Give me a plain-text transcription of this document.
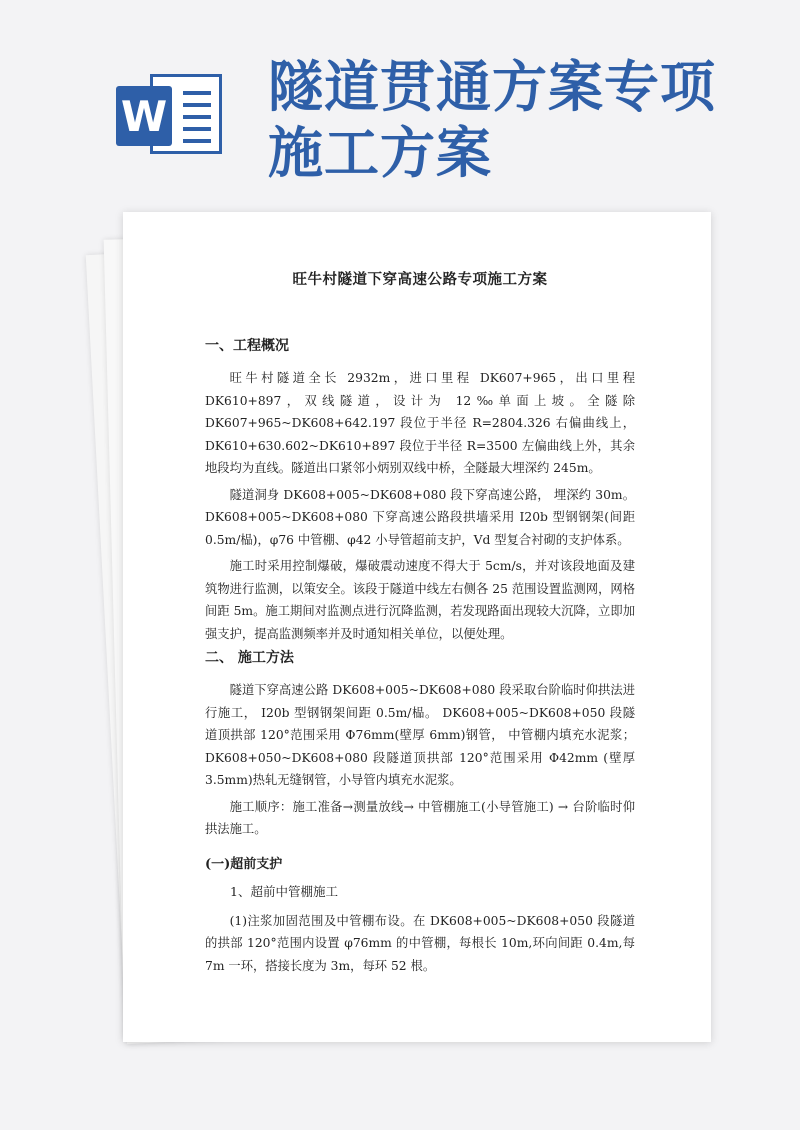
W 隧道贯通方案专项施工方案
旺牛村隧道下穿高速公路专项施工方案
一、工程概况

旺牛村隧道全长 2932m，进口里程 DK607+965，出口里程 DK610+897，双线隧道，设计为 12‰单面上坡。全隧除 DK607+965~DK608+642.197 段位于半径 R=2804.326 右偏曲线上， DK610+630.602~DK610+897 段位于半径 R=3500 左偏曲线上外，其余地段均为直线。隧道出口紧邻小炳别双线中桥，全隧最大埋深约 245m。

隧道洞身 DK608+005~DK608+080 段下穿高速公路， 埋深约 30m。DK608+005~DK608+080 下穿高速公路段拱墙采用 I20b 型钢钢架(间距 0.5m/榀)，φ76 中管棚、φ42 小导管超前支护，Ⅴd 型复合衬砌的支护体系。

施工时采用控制爆破，爆破震动速度不得大于 5cm/s，并对该段地面及建筑物进行监测，以策安全。该段于隧道中线左右侧各 25 范围设置监测网，网格间距 5m。施工期间对监测点进行沉降监测，若发现路面出现较大沉降，立即加强支护，提高监测频率并及时通知相关单位，以便处理。

二、 施工方法

隧道下穿高速公路 DK608+005~DK608+080 段采取台阶临时仰拱法进行施工， I20b 型钢钢架间距 0.5m/榀。 DK608+005~DK608+050 段隧道顶拱部 120°范围采用 Φ76mm(壁厚 6mm)钢管， 中管棚内填充水泥浆； DK608+050~DK608+080 段隧道顶拱部 120°范围采用 Φ42mm (壁厚 3.5mm)热轧无缝钢管，小导管内填充水泥浆。

施工顺序：施工准备→测量放线→ 中管棚施工(小导管施工) → 台阶临时仰拱法施工。

(一)超前支护
1、超前中管棚施工

(1)注浆加固范围及中管棚布设。在 DK608+005~DK608+050 段隧道的拱部 120°范围内设置 φ76mm 的中管棚，每根长 10m,环向间距 0.4m,每 7m 一环，搭接长度为 3m，每环 52 根。
